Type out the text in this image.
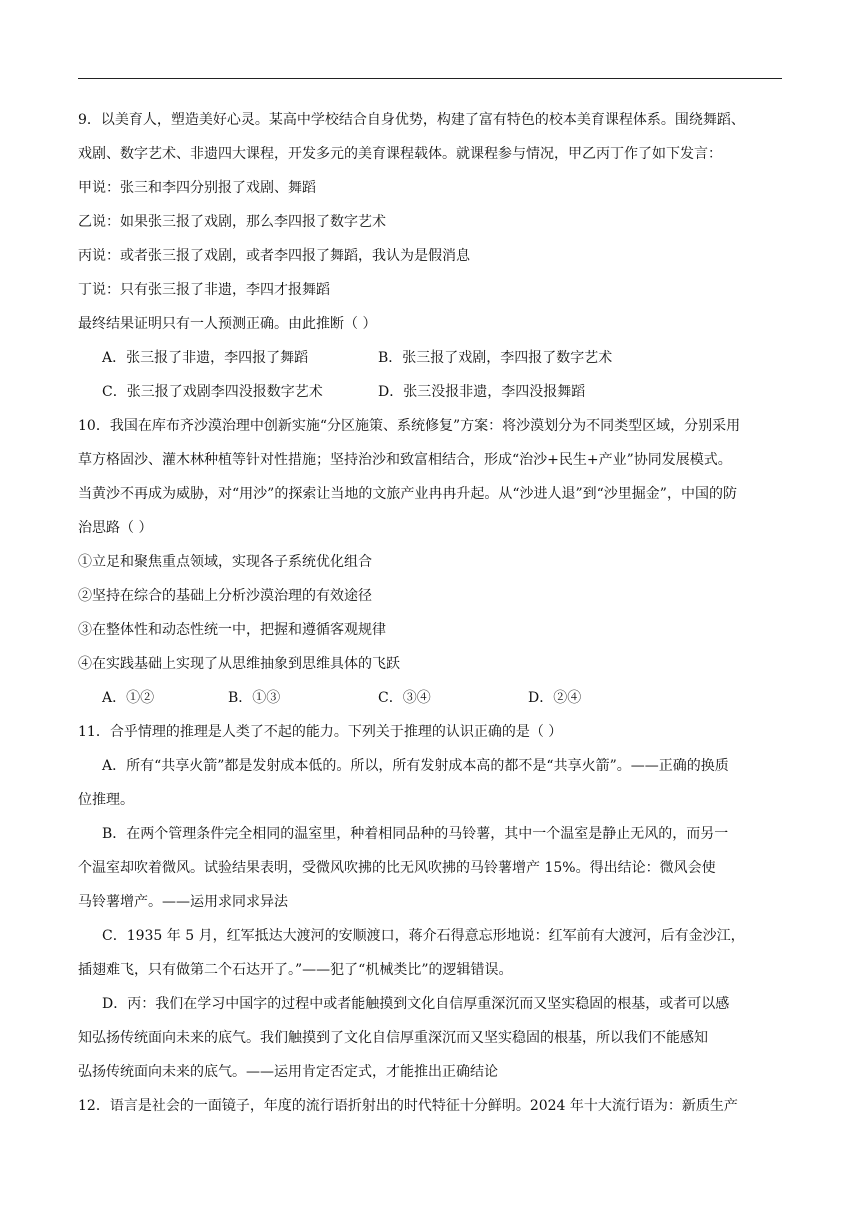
9．以美育人，塑造美好心灵。某高中学校结合自身优势，构建了富有特色的校本美育课程体系。围绕舞蹈、
戏剧、数字艺术、非遗四大课程，开发多元的美育课程载体。就课程参与情况，甲乙丙丁作了如下发言：
甲说：张三和李四分别报了戏剧、舞蹈
乙说：如果张三报了戏剧，那么李四报了数字艺术
丙说：或者张三报了戏剧，或者李四报了舞蹈，我认为是假消息
丁说：只有张三报了非遗，李四才报舞蹈
最终结果证明只有一人预测正确。由此推断（ ）
A．张三报了非遗，李四报了舞蹈	B．张三报了戏剧，李四报了数字艺术
C．张三报了戏剧李四没报数字艺术	D．张三没报非遗，李四没报舞蹈
10．我国在库布齐沙漠治理中创新实施“分区施策、系统修复”方案：将沙漠划分为不同类型区域，分别采用
草方格固沙、灌木林种植等针对性措施；坚持治沙和致富相结合，形成“治沙+民生+产业”协同发展模式。
当黄沙不再成为威胁，对“用沙”的探索让当地的文旅产业冉冉升起。从“沙进人退”到“沙里掘金”，中国的防
治思路（ ）
①立足和聚焦重点领域，实现各子系统优化组合
②坚持在综合的基础上分析沙漠治理的有效途径
③在整体性和动态性统一中，把握和遵循客观规律
④在实践基础上实现了从思维抽象到思维具体的飞跃
A．①②	B．①③	C．③④	D．②④
11．合乎情理的推理是人类了不起的能力。下列关于推理的认识正确的是（ ）
A．所有“共享火箭”都是发射成本低的。所以，所有发射成本高的都不是“共享火箭”。——正确的换质
位推理。
B．在两个管理条件完全相同的温室里，种着相同品种的马铃薯，其中一个温室是静止无风的，而另一
个温室却吹着微风。试验结果表明，受微风吹拂的比无风吹拂的马铃薯增产 15%。得出结论：微风会使
马铃薯增产。——运用求同求异法
C．1935 年 5 月，红军抵达大渡河的安顺渡口，蒋介石得意忘形地说：红军前有大渡河，后有金沙江，
插翅难飞，只有做第二个石达开了。”——犯了“机械类比”的逻辑错误。
D．丙：我们在学习中国字的过程中或者能触摸到文化自信厚重深沉而又坚实稳固的根基，或者可以感
知弘扬传统面向未来的底气。我们触摸到了文化自信厚重深沉而又坚实稳固的根基，所以我们不能感知
弘扬传统面向未来的底气。——运用肯定否定式，才能推出正确结论
12．语言是社会的一面镜子，年度的流行语折射出的时代特征十分鲜明。2024 年十大流行语为：新质生产
